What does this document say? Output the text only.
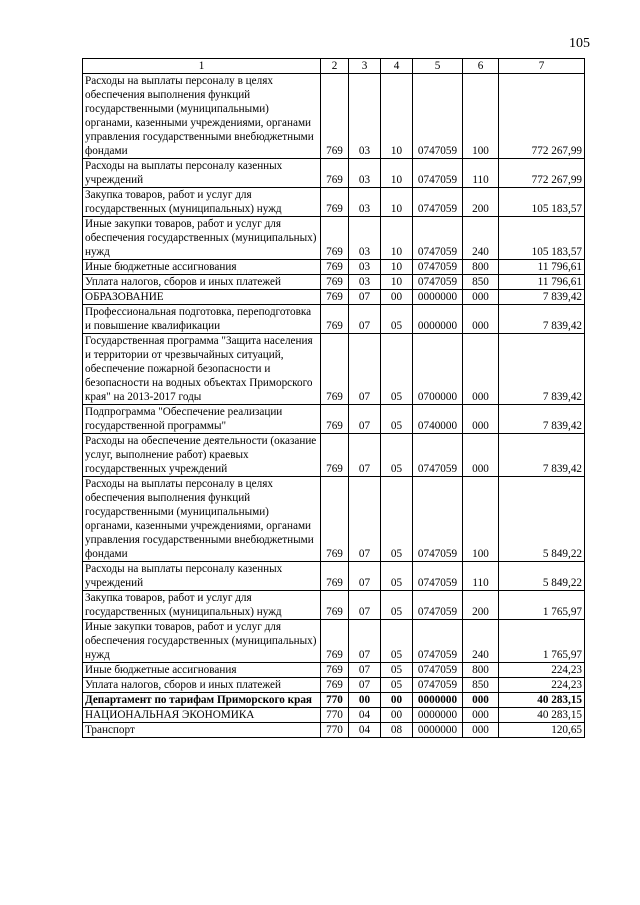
105
1	2	3	4	5	6	7
Расходы на выплаты персоналу в целях обеспечения выполнения функций государственными (муниципальными) органами, казенными учреждениями, органами управления государственными внебюджетными фондами	769	03	10	0747059	100	772 267,99
Расходы на выплаты персоналу казенных учреждений	769	03	10	0747059	110	772 267,99
Закупка товаров, работ и услуг для государственных (муниципальных) нужд	769	03	10	0747059	200	105 183,57
Иные закупки товаров, работ и услуг для обеспечения государственных (муниципальных) нужд	769	03	10	0747059	240	105 183,57
Иные бюджетные ассигнования	769	03	10	0747059	800	11 796,61
Уплата налогов, сборов и иных платежей	769	03	10	0747059	850	11 796,61
ОБРАЗОВАНИЕ	769	07	00	0000000	000	7 839,42
Профессиональная подготовка, переподготовка и повышение квалификации	769	07	05	0000000	000	7 839,42
Государственная программа "Защита населения и территории от чрезвычайных ситуаций, обеспечение пожарной безопасности и безопасности на водных объектах Приморского края" на 2013-2017 годы	769	07	05	0700000	000	7 839,42
Подпрограмма "Обеспечение реализации государственной программы"	769	07	05	0740000	000	7 839,42
Расходы на обеспечение деятельности (оказание услуг, выполнение работ) краевых государственных учреждений	769	07	05	0747059	000	7 839,42
Расходы на выплаты персоналу в целях обеспечения выполнения функций государственными (муниципальными) органами, казенными учреждениями, органами управления государственными внебюджетными фондами	769	07	05	0747059	100	5 849,22
Расходы на выплаты персоналу казенных учреждений	769	07	05	0747059	110	5 849,22
Закупка товаров, работ и услуг для государственных (муниципальных) нужд	769	07	05	0747059	200	1 765,97
Иные закупки товаров, работ и услуг для обеспечения государственных (муниципальных) нужд	769	07	05	0747059	240	1 765,97
Иные бюджетные ассигнования	769	07	05	0747059	800	224,23
Уплата налогов, сборов и иных платежей	769	07	05	0747059	850	224,23
Департамент по тарифам Приморского края	770	00	00	0000000	000	40 283,15
НАЦИОНАЛЬНАЯ ЭКОНОМИКА	770	04	00	0000000	000	40 283,15
Транспорт	770	04	08	0000000	000	120,65
